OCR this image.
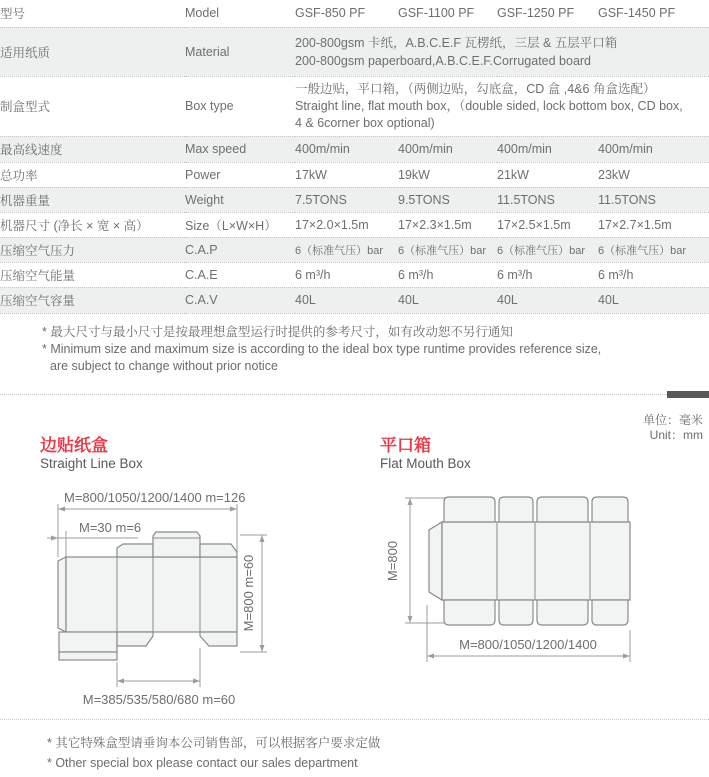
型号	Model	GSF-850 PF	GSF-1100 PF	GSF-1250 PF	GSF-1450 PF
适用纸质	Material	200-800gsm 卡纸，A.B.C.E.F 瓦楞纸，三层 & 五层平口箱
200-800gsm paperboard,A.B.C.E.F.Corrugated board			

制盒型式	Box type	一般边贴，平口箱，（两侧边贴，勾底盒，CD 盒 ,4&6 角盒选配）
Straight line, flat mouth box，（double sided, lock bottom box, CD box,
4 & 6corner box optional)			

最高线速度	Max speed	400m/min	400m/min	400m/min	400m/min
总功率	Power	17kW	19kW	21kW	23kW
机器重量	Weight	7.5TONS	9.5TONS	11.5TONS	11.5TONS
机器尺寸 (净长 × 宽 × 高）	Size（L×W×H）	17×2.0×1.5m	17×2.3×1.5m	17×2.5×1.5m	17×2.7×1.5m
压缩空气压力	C.A.P	6（标准气压）bar	6（标准气压）bar	6（标准气压）bar	6（标准气压）bar
压缩空气能量	C.A.E	6 m³/h	6 m³/h	6 m³/h	6 m³/h
压缩空气容量	C.A.V	40L	40L	40L	40L
* 最大尺寸与最小尺寸是按最理想盒型运行时提供的参考尺寸，如有改动恕不另行通知
* Minimum size and maximum size is according to the ideal box type runtime provides reference size,
are subject to change without prior notice
单位：毫米
Unit：mm
边贴纸盒
Straight Line Box
平口箱
Flat Mouth Box
M=800/1050/1200/1400 m=126
M=30 m=6
M=800 m=60
M=385/535/580/680 m=60
M=800
M=800/1050/1200/1400
* 其它特殊盒型请垂询本公司销售部，可以根据客户要求定做
* Other special box please contact our sales department
